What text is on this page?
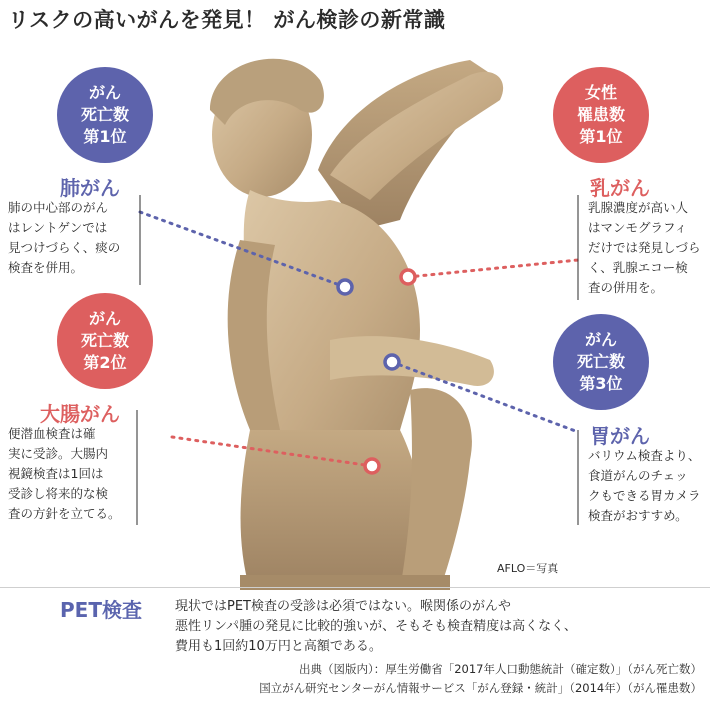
リスクの高いがんを発見！ がん検診の新常識
がん
死亡数
第1位
肺がん
肺の中心部のがん
はレントゲンでは
見つけづらく、痰の
検査を併用。
女性
罹患数
第1位
乳がん
乳腺濃度が高い人
はマンモグラフィ
だけでは発見しづら
く、乳腺エコー検
査の併用を。
がん
死亡数
第2位
大腸がん
便潜血検査は確
実に受診。大腸内
視鏡検査は1回は
受診し将来的な検
査の方針を立てる。
がん
死亡数
第3位
胃がん
バリウム検査より、
食道がんのチェッ
クもできる胃カメラ
検査がおすすめ。
AFLO＝写真
PET検査	現状ではPET検査の受診は必須ではない。喉関係のがんや
悪性リンパ腫の発見に比較的強いが、そもそも検査精度は高くなく、
費用も1回約10万円と高額である。
出典（図版内）：厚生労働省「2017年人口動態統計（確定数）」（がん死亡数）
国立がん研究センターがん情報サービス「がん登録・統計」（2014年）（がん罹患数）
